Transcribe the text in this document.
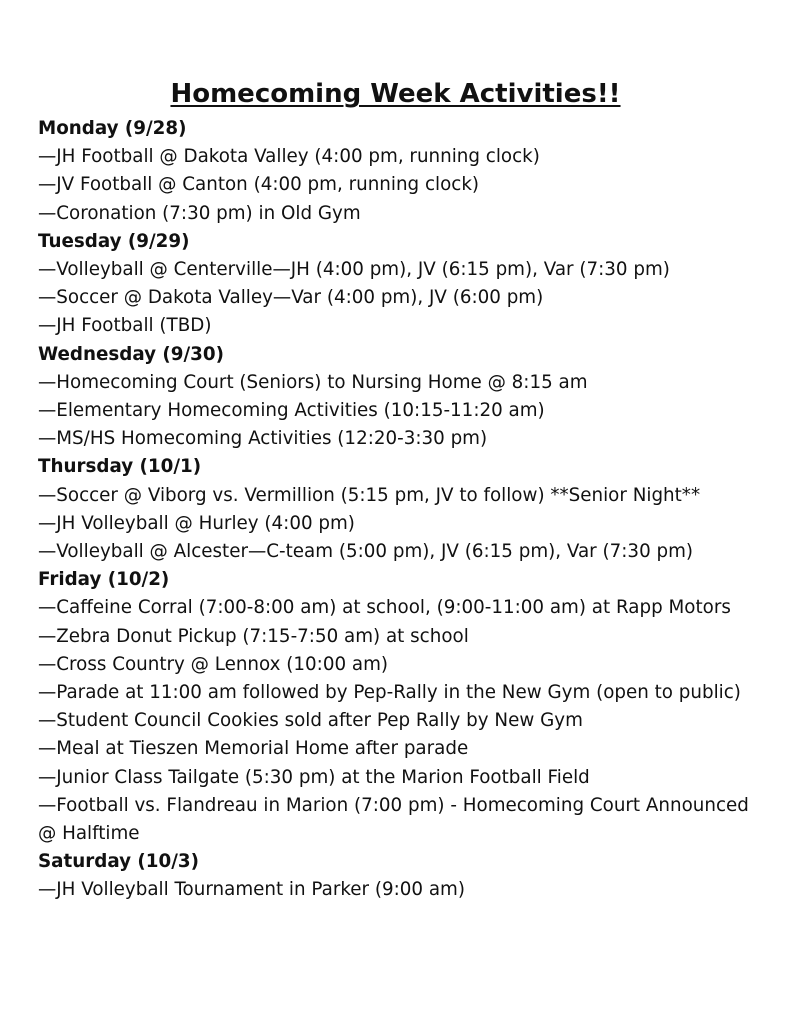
Homecoming Week Activities!!
Monday (9/28)
—JH Football @ Dakota Valley (4:00 pm, running clock)
—JV Football @ Canton (4:00 pm, running clock)
—Coronation (7:30 pm) in Old Gym
Tuesday (9/29)
—Volleyball @ Centerville—JH (4:00 pm), JV (6:15 pm), Var (7:30 pm)
—Soccer @ Dakota Valley—Var (4:00 pm), JV (6:00 pm)
—JH Football (TBD)
Wednesday (9/30)
—Homecoming Court (Seniors) to Nursing Home @ 8:15 am
—Elementary Homecoming Activities (10:15-11:20 am)
—MS/HS Homecoming Activities (12:20-3:30 pm)
Thursday (10/1)
—Soccer @ Viborg vs. Vermillion (5:15 pm, JV to follow) **Senior Night**
—JH Volleyball @ Hurley (4:00 pm)
—Volleyball @ Alcester—C-team (5:00 pm), JV (6:15 pm), Var (7:30 pm)
Friday (10/2)
—Caffeine Corral (7:00-8:00 am) at school, (9:00-11:00 am) at Rapp Motors
—Zebra Donut Pickup (7:15-7:50 am) at school
—Cross Country @ Lennox (10:00 am)
—Parade at 11:00 am followed by Pep-Rally in the New Gym (open to public)
—Student Council Cookies sold after Pep Rally by New Gym
—Meal at Tieszen Memorial Home after parade
—Junior Class Tailgate (5:30 pm) at the Marion Football Field
—Football vs. Flandreau in Marion (7:00 pm) - Homecoming Court Announced @ Halftime
Saturday (10/3)
—JH Volleyball Tournament in Parker (9:00 am)
